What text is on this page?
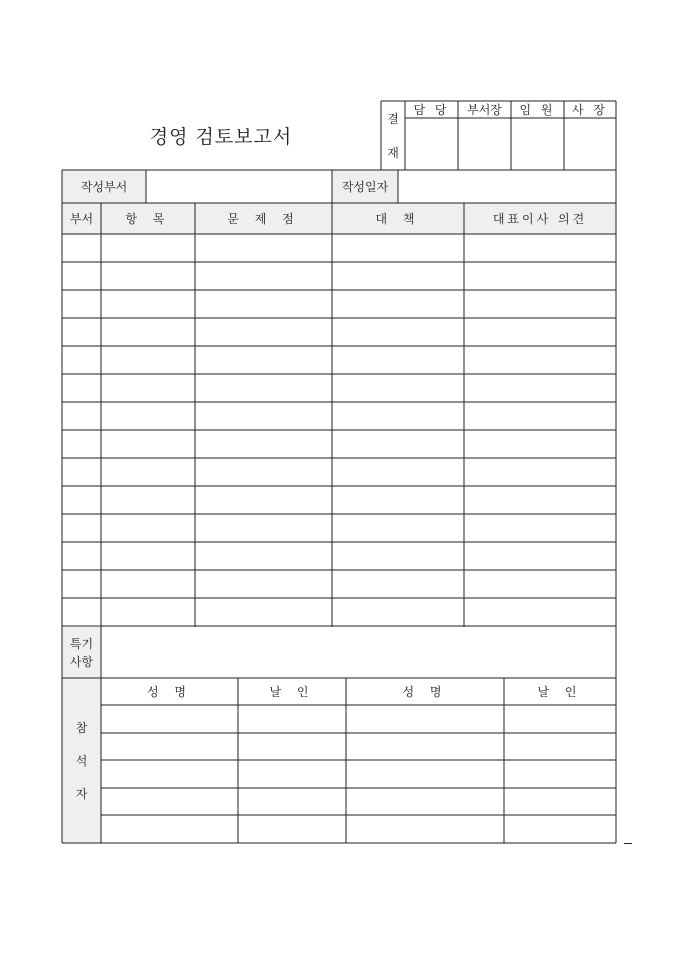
경영 검토보고서
결
재
담 당	부서장	임 원	사 장
작성부서	작성일자
부서	항 목	문 제 점	대 책	대표이사 의견
특기
사항
참
석
자
성 명	날 인	성 명	날 인
